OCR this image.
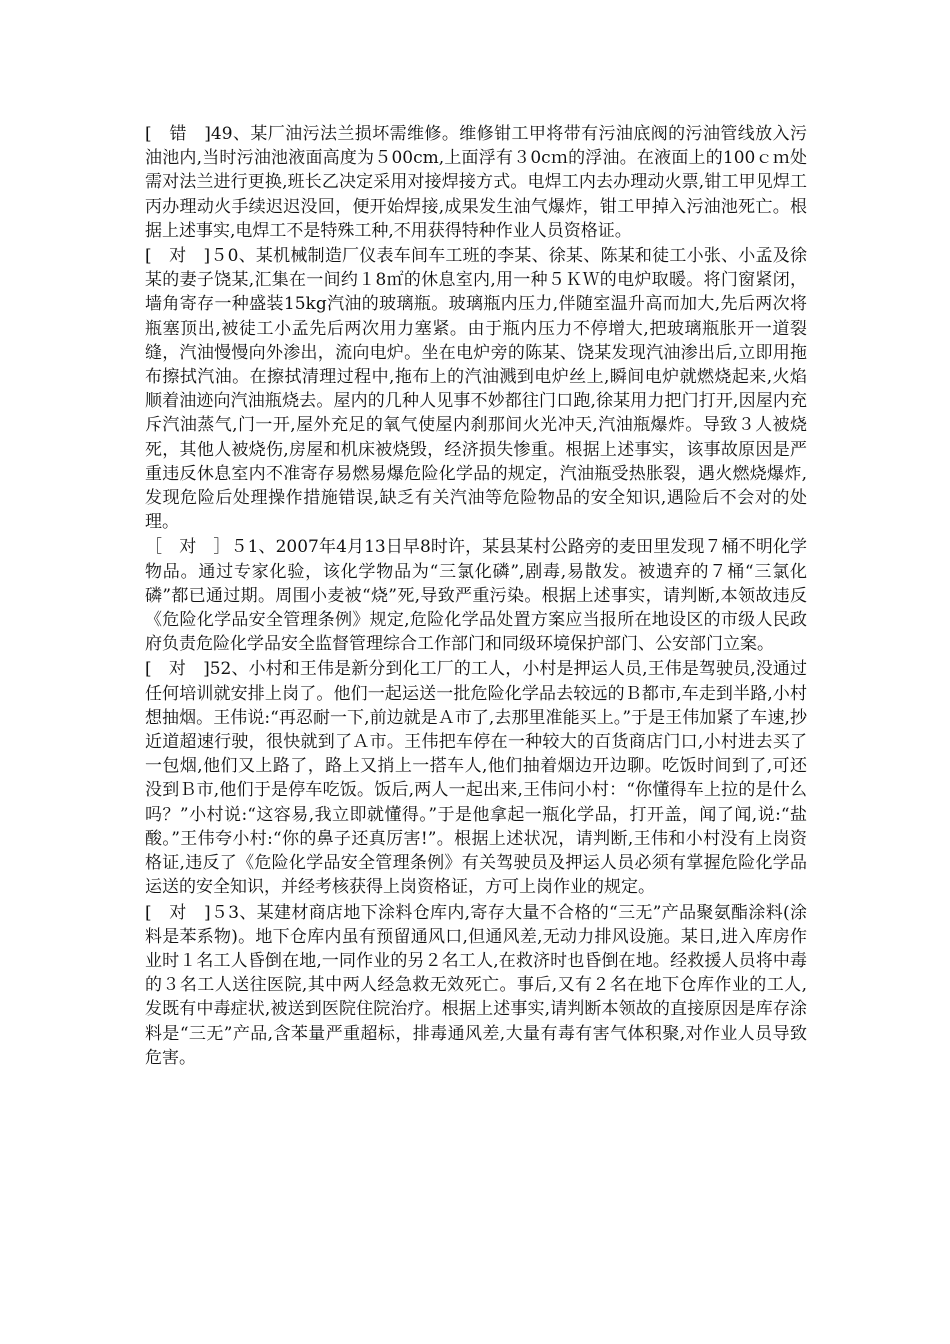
[　错　]49、某厂油污法兰损坏需维修。维修钳工甲将带有污油底阀的污油管线放入污油池内,当时污油池液面高度为５00cm,上面浮有３0cｍ的浮油。在液面上的100ｃｍ处需对法兰进行更换,班长乙决定采用对接焊接方式。电焊工内去办理动火票,钳工甲见焊工丙办理动火手续迟迟没回，便开始焊接,成果发生油气爆炸，钳工甲掉入污油池死亡。根据上述事实,电焊工不是特殊工种,不用获得特种作业人员资格证。

[　对　]５0、某机械制造厂仪表车间车工班的李某、徐某、陈某和徒工小张、小孟及徐某的妻子饶某,汇集在一间约１8㎡的休息室内,用一种５ＫＷ的电炉取暖。将门窗紧闭，墙角寄存一种盛装15kg汽油的玻璃瓶。玻璃瓶内压力,伴随室温升高而加大,先后两次将瓶塞顶出,被徒工小孟先后两次用力塞紧。由于瓶内压力不停增大,把玻璃瓶胀开一道裂缝，汽油慢慢向外渗出，流向电炉。坐在电炉旁的陈某、饶某发现汽油渗出后,立即用拖布擦拭汽油。在擦拭清理过程中,拖布上的汽油溅到电炉丝上,瞬间电炉就燃烧起来,火焰顺着油迹向汽油瓶烧去。屋内的几种人见事不妙都往门口跑,徐某用力把门打开,因屋内充斥汽油蒸气,门一开,屋外充足的氧气使屋内刹那间火光冲天,汽油瓶爆炸。导致３人被烧死，其他人被烧伤,房屋和机床被烧毁，经济损失惨重。根据上述事实，该事故原因是严重违反休息室内不准寄存易燃易爆危险化学品的规定，汽油瓶受热胀裂，遇火燃烧爆炸,发现危险后处理操作措施错误,缺乏有关汽油等危险物品的安全知识,遇险后不会对的处理。

［　对　］５1、2007年4月13日早8时许，某县某村公路旁的麦田里发现７桶不明化学物品。通过专家化验，该化学物品为“三氯化磷”,剧毒,易散发。被遗弃的７桶“三氯化磷”都已通过期。周围小麦被“烧”死,导致严重污染。根据上述事实，请判断,本领故违反《危险化学品安全管理条例》规定,危险化学品处置方案应当报所在地设区的市级人民政府负责危险化学品安全监督管理综合工作部门和同级环境保护部门、公安部门立案。

[　对　]52、小村和王伟是新分到化工厂的工人，小村是押运人员,王伟是驾驶员,没通过任何培训就安排上岗了。他们一起运送一批危险化学品去较远的Ｂ都市,车走到半路,小村想抽烟。王伟说:“再忍耐一下,前边就是Ａ市了,去那里准能买上。”于是王伟加紧了车速,抄近道超速行驶，很快就到了Ａ市。王伟把车停在一种较大的百货商店门口,小村进去买了一包烟,他们又上路了，路上又捎上一搭车人,他们抽着烟边开边聊。吃饭时间到了,可还没到Ｂ市,他们于是停车吃饭。饭后,两人一起出来,王伟问小村：“你懂得车上拉的是什么吗？”小村说:“这容易,我立即就懂得。”于是他拿起一瓶化学品，打开盖，闻了闻,说:“盐酸。”王伟夸小村:“你的鼻子还真厉害!”。根据上述状况，请判断,王伟和小村没有上岗资格证,违反了《危险化学品安全管理条例》有关驾驶员及押运人员必须有掌握危险化学品运送的安全知识，并经考核获得上岗资格证，方可上岗作业的规定。

[　对　]５3、某建材商店地下涂料仓库内,寄存大量不合格的“三无”产品聚氨酯涂料(涂料是苯系物)。地下仓库内虽有预留通风口,但通风差,无动力排风设施。某日,进入库房作业时１名工人昏倒在地,一同作业的另２名工人,在救济时也昏倒在地。经救援人员将中毒的３名工人送往医院,其中两人经急救无效死亡。事后,又有２名在地下仓库作业的工人,发既有中毒症状,被送到医院住院治疗。根据上述事实,请判断本领故的直接原因是库存涂料是“三无”产品,含苯量严重超标，排毒通风差,大量有毒有害气体积聚,对作业人员导致危害。
